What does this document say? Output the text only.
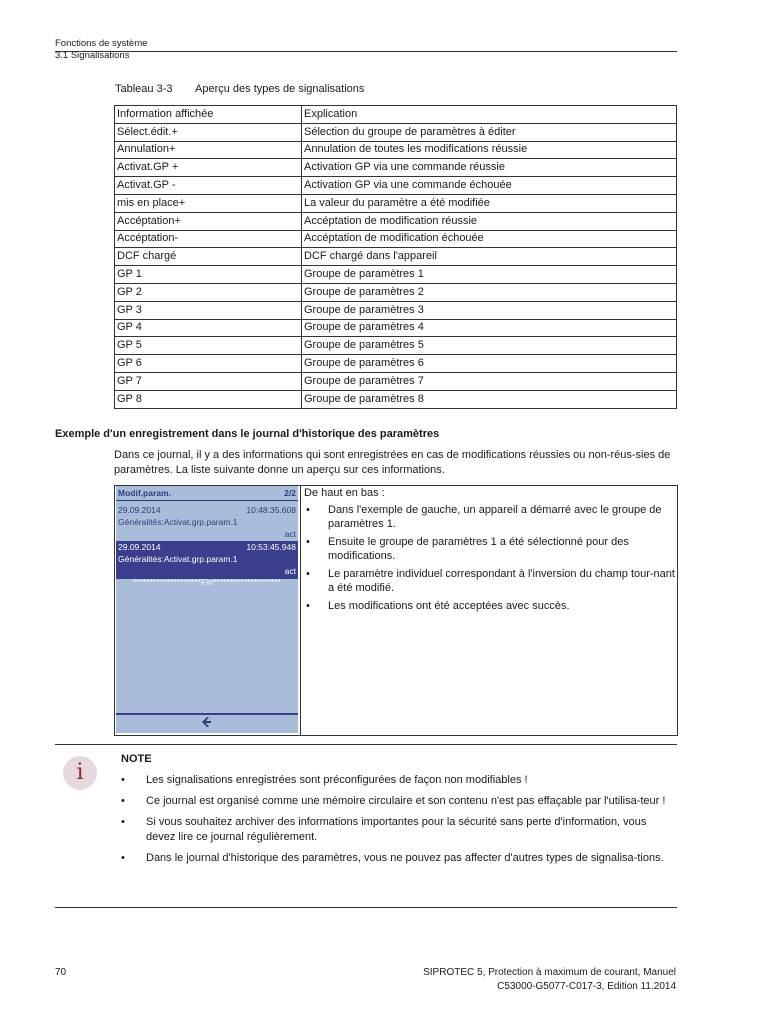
Fonctions de système
3.1 Signalisations
Tableau 3-3 Aperçu des types de signalisations
Information affichée	Explication
Sélect.édit.+	Sélection du groupe de paramètres à éditer
Annulation+	Annulation de toutes les modifications réussie
Activat.GP +	Activation GP via une commande réussie
Activat.GP -	Activation GP via une commande échouée
mis en place+	La valeur du paramètre a été modifiée
Accéptation+	Accéptation de modification réussie
Accéptation-	Accéptation de modification échouée
DCF chargé	DCF chargé dans l'appareil
GP 1	Groupe de paramètres 1
GP 2	Groupe de paramètres 2
GP 3	Groupe de paramètres 3
GP 4	Groupe de paramètres 4
GP 5	Groupe de paramètres 5
GP 6	Groupe de paramètres 6
GP 7	Groupe de paramètres 7
GP 8	Groupe de paramètres 8
Exemple d'un enregistrement dans le journal d'historique des paramètres
Dans ce journal, il y a des informations qui sont enregistrées en cas de modifications réussies ou non-réus-sies de paramètres. La liste suivante donne un aperçu sur ces informations.
Modif.param.	2/2
29.09.2014	10:48:35.608
Généralités:Activat.grp.param.1
act
29.09.2014	10:53:45.948
Généralités:Activat.grp.param.1
act
********************Fin********************
De haut en bas :
• Dans l'exemple de gauche, un appareil a démarré avec le groupe de paramètres 1.
• Ensuite le groupe de paramètres 1 a été sélectionné pour des modifications.
• Le paramètre individuel correspondant à l'inversion du champ tour-nant a été modifié.
• Les modifications ont été acceptées avec succès.
i
NOTE
• Les signalisations enregistrées sont préconfigurées de façon non modifiables !
• Ce journal est organisé comme une mémoire circulaire et son contenu n'est pas effaçable par l'utilisa-teur !
• Si vous souhaitez archiver des informations importantes pour la sécurité sans perte d'information, vous devez lire ce journal régulièrement.
• Dans le journal d'historique des paramètres, vous ne pouvez pas affecter d'autres types de signalisa-tions.
70	SIPROTEC 5, Protection à maximum de courant, Manuel
C53000-G5077-C017-3, Edition 11.2014
